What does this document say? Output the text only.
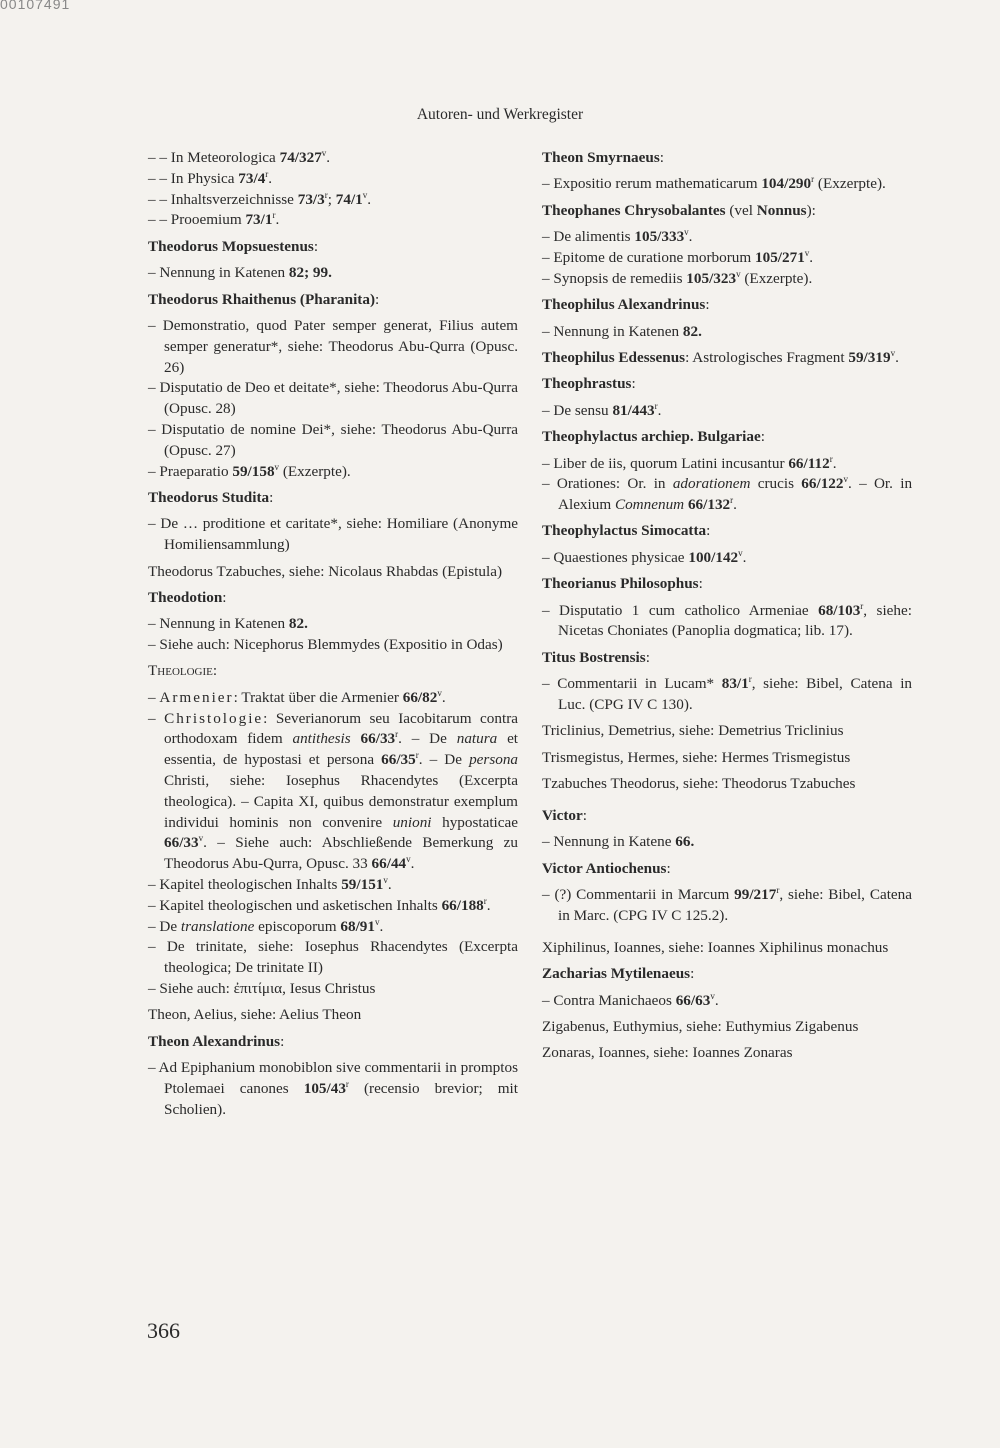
00107491
Autoren- und Werkregister
– – In Meteorologica 74/327$^v$.
– – In Physica 73/4$^r$.
– – Inhaltsverzeichnisse 73/3$^r$; 74/1$^v$.
– – Prooemium 73/1$^r$.
Theodorus Mopsuestenus:
– Nennung in Katenen 82; 99.
Theodorus Rhaithenus (Pharanita):
– Demonstratio, quod Pater semper generat, Filius autem semper generatur*, siehe: Theodorus Abu-Qurra (Opusc. 26)
– Disputatio de Deo et deitate*, siehe: Theodorus Abu-Qurra (Opusc. 28)
– Disputatio de nomine Dei*, siehe: Theodorus Abu-Qurra (Opusc. 27)
– Praeparatio 59/158$^v$ (Exzerpte).
Theodorus Studita:
– De … proditione et caritate*, siehe: Homiliare (Anonyme Homiliensammlung)
Theodorus Tzabuches, siehe: Nicolaus Rhabdas (Epistula)
Theodotion:
– Nennung in Katenen 82.
– Siehe auch: Nicephorus Blemmydes (Expositio in Odas)
Theologie:
– Armenier: Traktat über die Armenier 66/82$^v$.
– Christologie: Severianorum seu Iacobitarum contra orthodoxam fidem antithesis 66/33$^r$. – De natura et essentia, de hypostasi et persona 66/35$^r$. – De persona Christi, siehe: Iosephus Rhacendytes (Excerpta theologica). – Capita XI, quibus demonstratur exemplum individui hominis non convenire unioni hypostaticae 66/33$^v$. – Siehe auch: Abschließende Bemerkung zu Theodorus Abu-Qurra, Opusc. 33 66/44$^v$.
– Kapitel theologischen Inhalts 59/151$^v$.
– Kapitel theologischen und asketischen Inhalts 66/188$^r$.
– De translatione episcoporum 68/91$^v$.
– De trinitate, siehe: Iosephus Rhacendytes (Excerpta theologica; De trinitate II)
– Siehe auch: ἐπιτίμια, Iesus Christus
Theon, Aelius, siehe: Aelius Theon
Theon Alexandrinus:
– Ad Epiphanium monobiblon sive commentarii in promptos Ptolemaei canones 105/43$^r$ (recensio brevior; mit Scholien).
Theon Smyrnaeus:
– Expositio rerum mathematicarum 104/290$^r$ (Exzerpte).
Theophanes Chrysobalantes (vel Nonnus):
– De alimentis 105/333$^v$.
– Epitome de curatione morborum 105/271$^v$.
– Synopsis de remediis 105/323$^v$ (Exzerpte).
Theophilus Alexandrinus:
– Nennung in Katenen 82.
Theophilus Edessenus: Astrologisches Fragment 59/319$^v$.
Theophrastus:
– De sensu 81/443$^r$.
Theophylactus archiep. Bulgariae:
– Liber de iis, quorum Latini incusantur 66/112$^r$.
– Orationes: Or. in adorationem crucis 66/122$^v$. – Or. in Alexium Comnenum 66/132$^r$.
Theophylactus Simocatta:
– Quaestiones physicae 100/142$^v$.
Theorianus Philosophus:
– Disputatio 1 cum catholico Armeniae 68/103$^r$, siehe: Nicetas Choniates (Panoplia dogmatica; lib. 17).
Titus Bostrensis:
– Commentarii in Lucam* 83/1$^r$, siehe: Bibel, Catena in Luc. (CPG IV C 130).
Triclinius, Demetrius, siehe: Demetrius Triclinius
Trismegistus, Hermes, siehe: Hermes Trismegistus
Tzabuches Theodorus, siehe: Theodorus Tzabuches
Victor:
– Nennung in Katene 66.
Victor Antiochenus:
– (?) Commentarii in Marcum 99/217$^r$, siehe: Bibel, Catena in Marc. (CPG IV C 125.2).
Xiphilinus, Ioannes, siehe: Ioannes Xiphilinus monachus
Zacharias Mytilenaeus:
– Contra Manichaeos 66/63$^v$.
Zigabenus, Euthymius, siehe: Euthymius Zigabenus
Zonaras, Ioannes, siehe: Ioannes Zonaras
366
